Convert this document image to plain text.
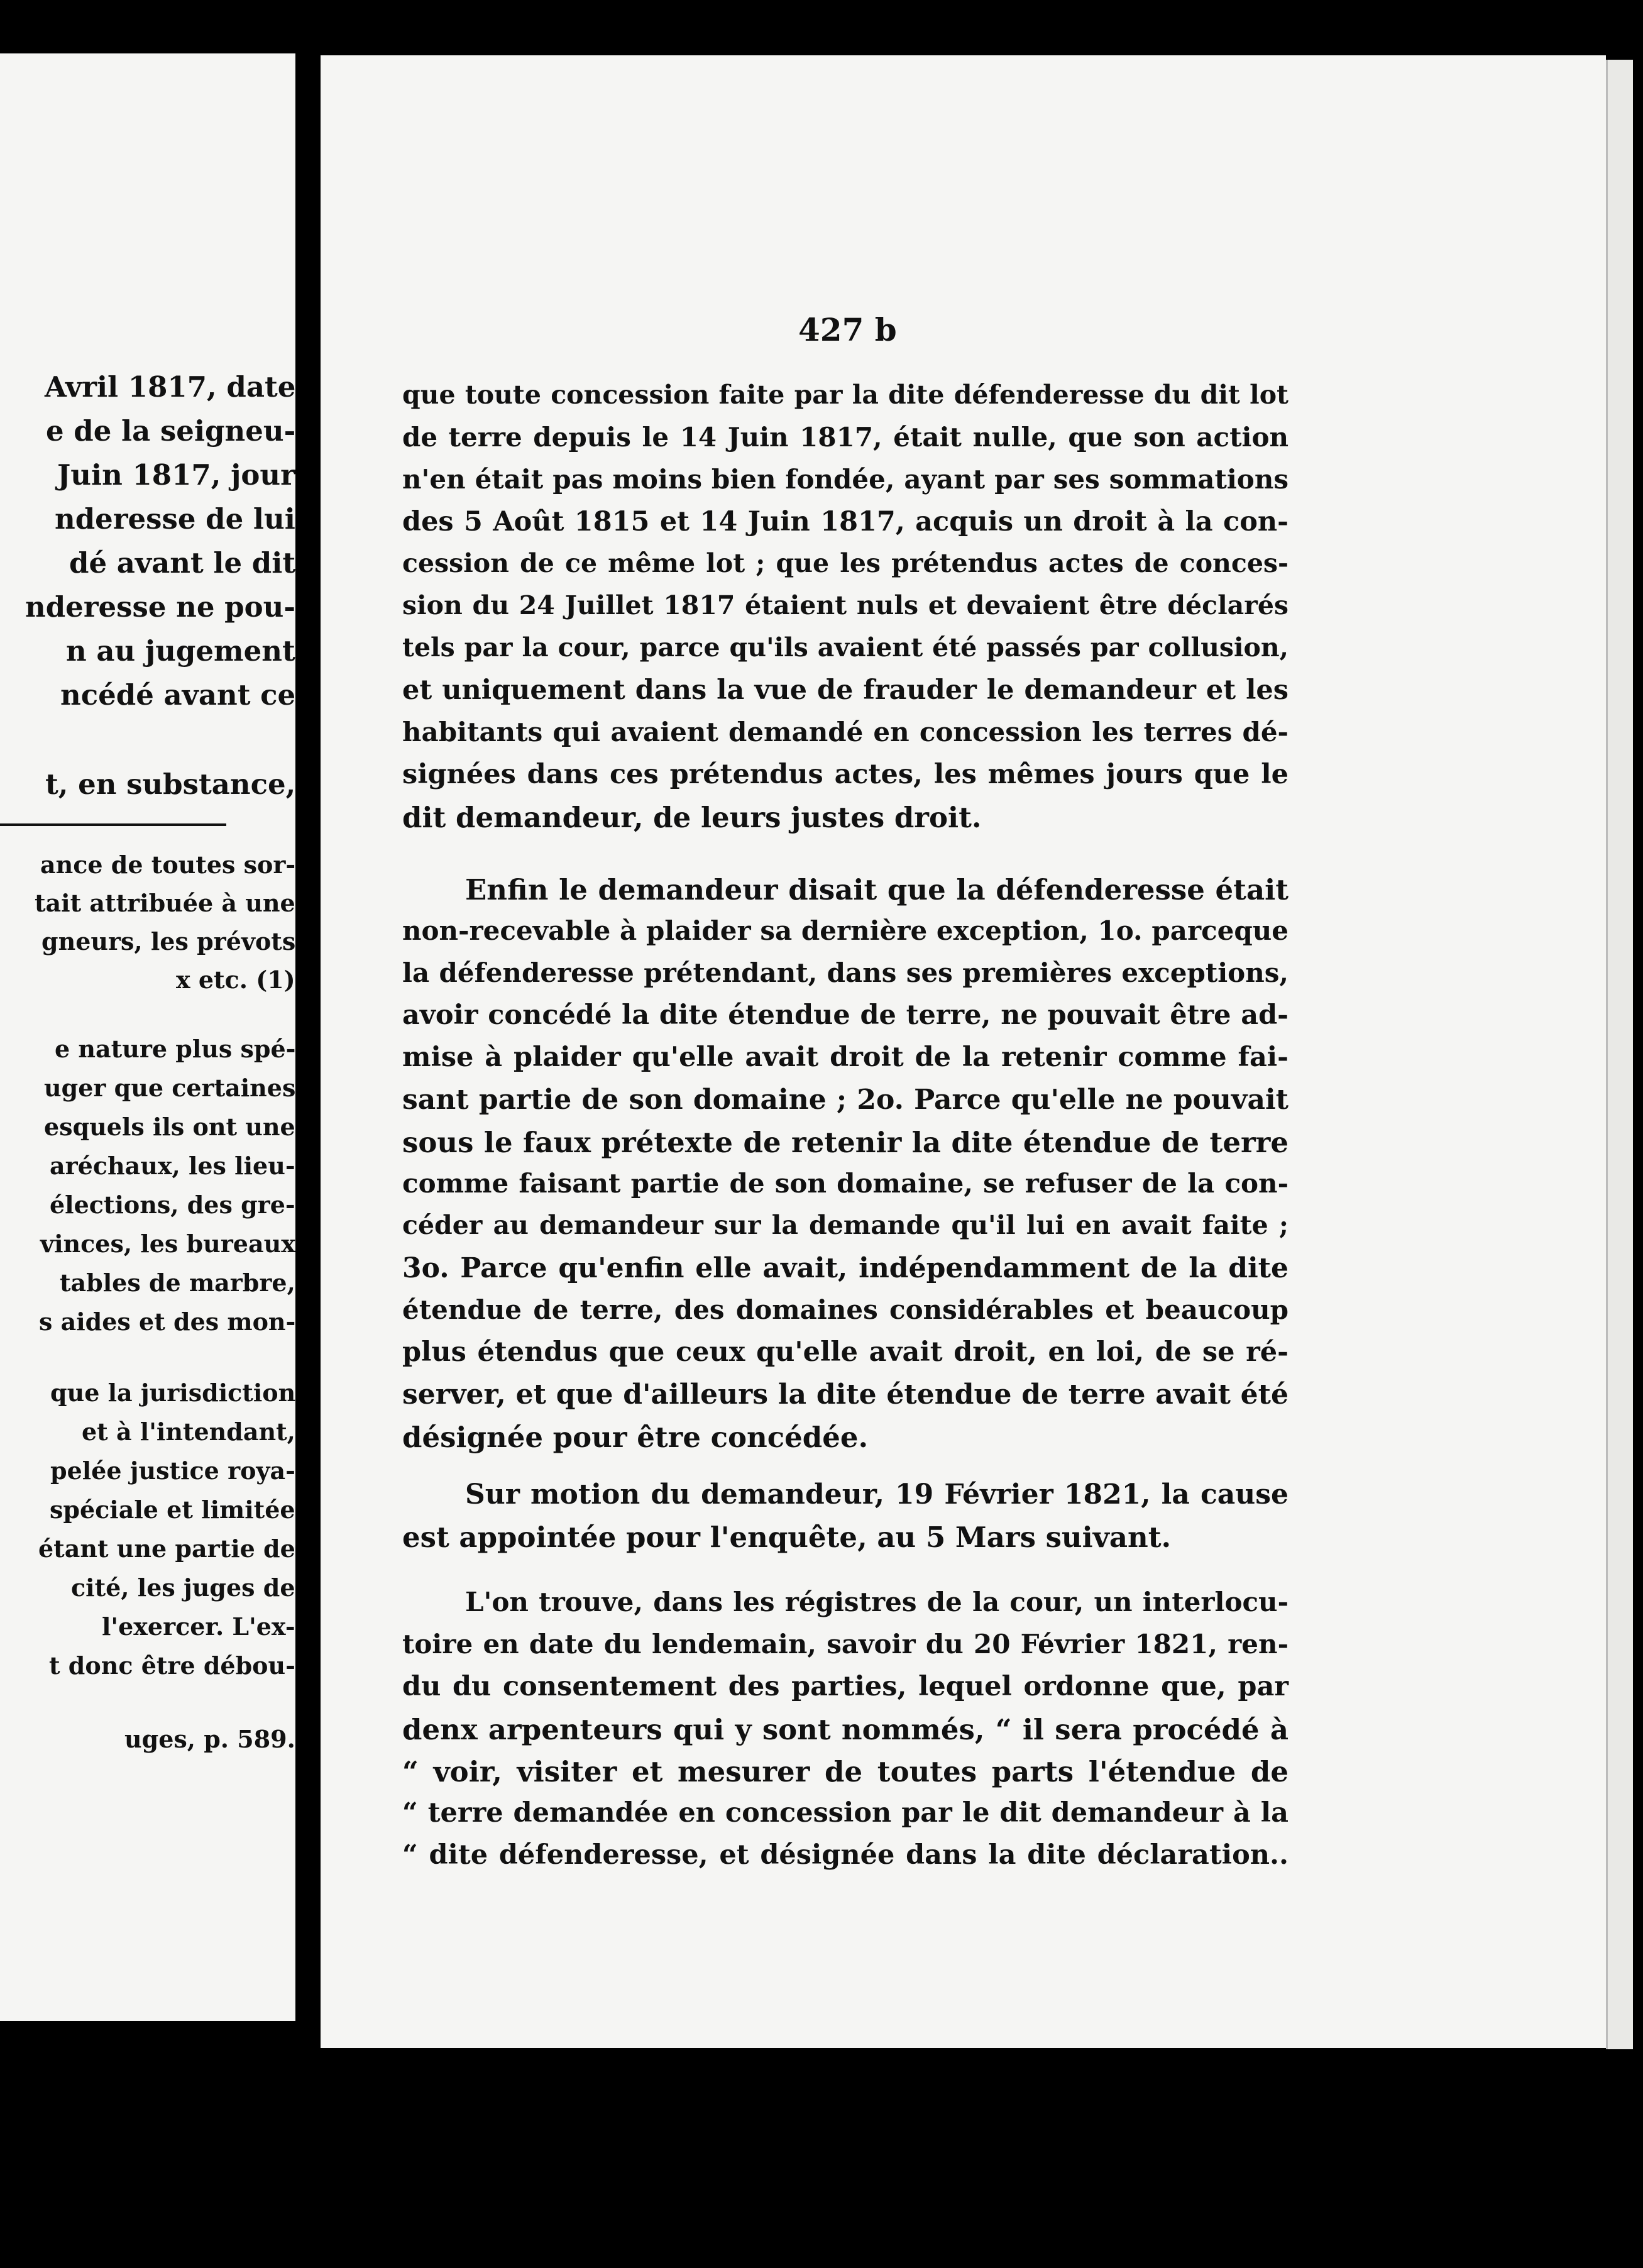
Avril 1817, date

e de la seigneu-

Juin 1817, jour

nderesse de lui

dé avant le dit

nderesse ne pou-

n au jugement

ncédé avant ce

t, en substance,

ance de toutes sor-

tait attribuée à une

gneurs, les prévots

x etc. (1)

e nature plus spé-

uger que certaines

esquels ils ont une

aréchaux, les lieu-

élections, des gre-

vinces, les bureaux

tables de marbre,

s aides et des mon-

que la jurisdiction

et à l'intendant,

pelée justice roya-

spéciale et limitée

étant une partie de

cité, les juges de

l'exercer. L'ex-

t donc être débou-

uges, p. 589.

427 b

que toute concession faite par la dite défenderesse du dit lot

de terre depuis le 14 Juin 1817, était nulle, que son action

n'en était pas moins bien fondée, ayant par ses sommations

des 5 Août 1815 et 14 Juin 1817, acquis un droit à la con-

cession de ce même lot ; que les prétendus actes de conces-

sion du 24 Juillet 1817 étaient nuls et devaient être déclarés

tels par la cour, parce qu'ils avaient été passés par collusion,

et uniquement dans la vue de frauder le demandeur et les

habitants qui avaient demandé en concession les terres dé-

signées dans ces prétendus actes, les mêmes jours que le

dit demandeur, de leurs justes droit.

Enfin le demandeur disait que la défenderesse était

non-recevable à plaider sa dernière exception, 1o. parceque

la défenderesse prétendant, dans ses premières exceptions,

avoir concédé la dite étendue de terre, ne pouvait être ad-

mise à plaider qu'elle avait droit de la retenir comme fai-

sant partie de son domaine ; 2o. Parce qu'elle ne pouvait

sous le faux prétexte de retenir la dite étendue de terre

comme faisant partie de son domaine, se refuser de la con-

céder au demandeur sur la demande qu'il lui en avait faite ;

3o. Parce qu'enfin elle avait, indépendamment de la dite

étendue de terre, des domaines considérables et beaucoup

plus étendus que ceux qu'elle avait droit, en loi, de se ré-

server, et que d'ailleurs la dite étendue de terre avait été

désignée pour être concédée.

Sur motion du demandeur, 19 Février 1821, la cause

est appointée pour l'enquête, au 5 Mars suivant.

L'on trouve, dans les régistres de la cour, un interlocu-

toire en date du lendemain, savoir du 20 Février 1821, ren-

du du consentement des parties, lequel ordonne que, par

denx arpenteurs qui y sont nommés, “ il sera procédé à

“ voir, visiter et mesurer de toutes parts l'étendue de

“ terre demandée en concession par le dit demandeur à la

“ dite défenderesse, et désignée dans la dite déclaration..
